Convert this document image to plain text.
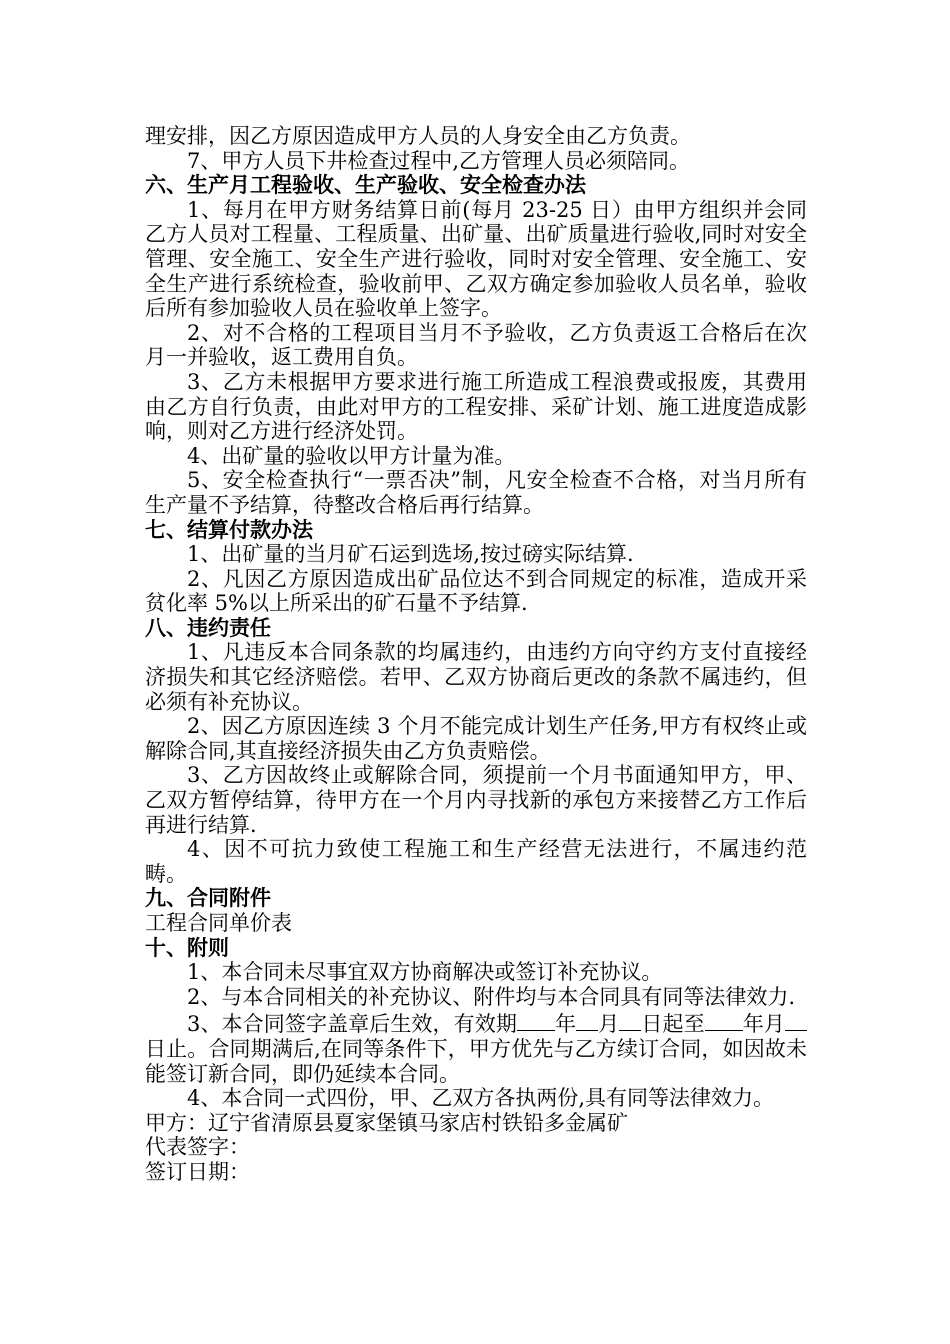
理安排，因乙方原因造成甲方人员的人身安全由乙方负责。

7、甲方人员下井检查过程中,乙方管理人员必须陪同。

六、生产月工程验收、生产验收、安全检查办法

1、每月在甲方财务结算日前(每月 23-25 日）由甲方组织并会同乙方人员对工程量、工程质量、出矿量、出矿质量进行验收,同时对安全管理、安全施工、安全生产进行验收，同时对安全管理、安全施工、安全生产进行系统检查，验收前甲、乙双方确定参加验收人员名单，验收后所有参加验收人员在验收单上签字。

2、对不合格的工程项目当月不予验收，乙方负责返工合格后在次月一并验收，返工费用自负。

3、乙方未根据甲方要求进行施工所造成工程浪费或报废，其费用由乙方自行负责，由此对甲方的工程安排、采矿计划、施工进度造成影响，则对乙方进行经济处罚。

4、出矿量的验收以甲方计量为准。

5、安全检查执行“一票否决”制，凡安全检查不合格，对当月所有生产量不予结算，待整改合格后再行结算。

七、结算付款办法

1、出矿量的当月矿石运到选场,按过磅实际结算.

2、凡因乙方原因造成出矿品位达不到合同规定的标准，造成开采贫化率 5%以上所采出的矿石量不予结算.

八、违约责任

1、凡违反本合同条款的均属违约，由违约方向守约方支付直接经济损失和其它经济赔偿。若甲、乙双方协商后更改的条款不属违约，但必须有补充协议。

2、因乙方原因连续 3 个月不能完成计划生产任务,甲方有权终止或解除合同,其直接经济损失由乙方负责赔偿。

3、乙方因故终止或解除合同，须提前一个月书面通知甲方，甲、乙双方暂停结算，待甲方在一个月内寻找新的承包方来接替乙方工作后再进行结算.

4、因不可抗力致使工程施工和生产经营无法进行，不属违约范畴。

九、合同附件

工程合同单价表

十、附则

1、本合同未尽事宜双方协商解决或签订补充协议。

2、与本合同相关的补充协议、附件均与本合同具有同等法律效力.

3、本合同签字盖章后生效，有效期 年 月 日起至 年月日止。合同期满后,在同等条件下，甲方优先与乙方续订合同，如因故未能签订新合同，即仍延续本合同。

4、本合同一式四份，甲、乙双方各执两份,具有同等法律效力。

甲方：辽宁省清原县夏家堡镇马家店村铁铅多金属矿

代表签字：

签订日期：
